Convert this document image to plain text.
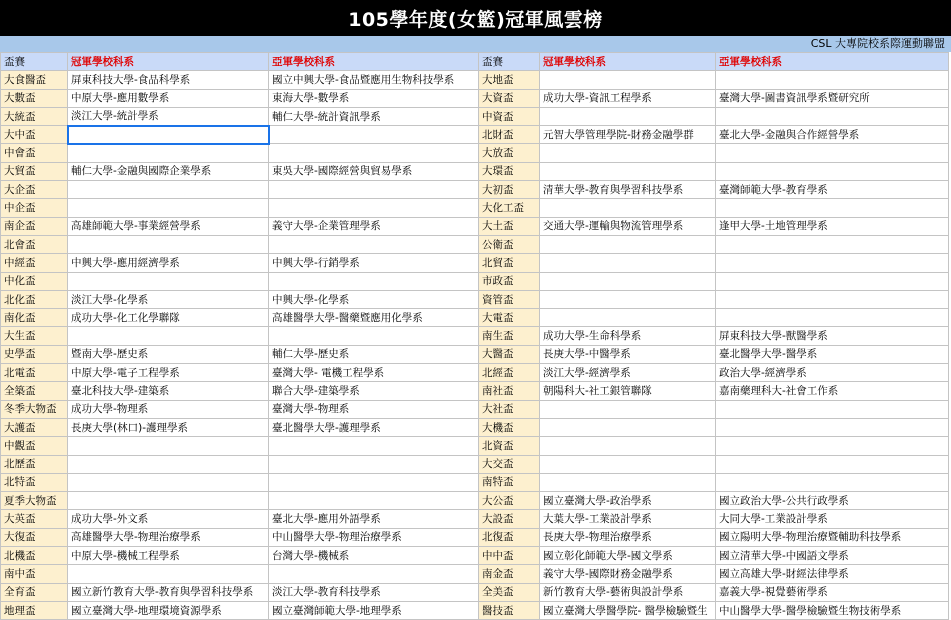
105學年度(女籃)冠軍風雲榜
CSL 大專院校系際運動聯盟
盃賽	冠軍學校科系	亞軍學校科系	盃賽	冠軍學校科系	亞軍學校科系
大食醫盃	屏東科技大學-食品科學系	國立中興大學-食品暨應用生物科技學系	大地盃		
大數盃	中原大學-應用數學系	東海大學-數學系	大資盃	成功大學-資訊工程學系	臺灣大學-圖書資訊學系暨研究所
大統盃	淡江大學-統計學系	輔仁大學-統計資訊學系	中資盃		
大中盃			北財盃	元智大學管理學院-財務金融學群	臺北大學-金融與合作經營學系
中會盃			大放盃		
大貿盃	輔仁大學-金融與國際企業學系	東吳大學-國際經營與貿易學系	大環盃		
大企盃			大初盃	清華大學-教育與學習科技學系	臺灣師範大學-教育學系
中企盃			大化工盃		
南企盃	高雄師範大學-事業經營學系	義守大學-企業管理學系	大土盃	交通大學-運輸與物流管理學系	逢甲大學-土地管理學系
北會盃			公衛盃		
中經盃	中興大學-應用經濟學系	中興大學-行銷學系	北貿盃		
中化盃			市政盃		
北化盃	淡江大學-化學系	中興大學-化學系	資管盃		
南化盃	成功大學-化工化學聯隊	高雄醫學大學-醫藥暨應用化學系	大電盃		
大生盃			南生盃	成功大學-生命科學系	屏東科技大學-獸醫學系
史學盃	暨南大學-歷史系	輔仁大學-歷史系	大醫盃	長庚大學-中醫學系	臺北醫學大學-醫學系
北電盃	中原大學-電子工程學系	臺灣大學- 電機工程學系	北經盃	淡江大學-經濟學系	政治大學-經濟學系
全築盃	臺北科技大學-建築系	聯合大學-建築學系	南社盃	朝陽科大-社工銀管聯隊	嘉南藥理科大-社會工作系
冬季大物盃	成功大學-物理系	臺灣大學-物理系	大社盃		
大護盃	長庚大學(林口)-護理學系	臺北醫學大學-護理學系	大機盃		
中觀盃			北資盃		
北歷盃			大交盃		
北特盃			南特盃		
夏季大物盃			大公盃	國立臺灣大學-政治學系	國立政治大學-公共行政學系
大英盃	成功大學-外文系	臺北大學-應用外語學系	大設盃	大葉大學-工業設計學系	大同大學-工業設計學系
大復盃	高雄醫學大學-物理治療學系	中山醫學大學-物理治療學系	北復盃	長庚大學-物理治療學系	國立陽明大學-物理治療暨輔助科技學系
北機盃	中原大學-機械工程學系	台灣大學-機械系	中中盃	國立彰化師範大學-國文學系	國立清華大學-中國語文學系
南中盃			南金盃	義守大學-國際財務金融學系	國立高雄大學-財經法律學系
全育盃	國立新竹教育大學-教育與學習科技學系	淡江大學-教育科技學系	全美盃	新竹教育大學-藝術與設計學系	嘉義大學-視覺藝術學系
地理盃	國立臺灣大學-地理環境資源學系	國立臺灣師範大學-地理學系	醫技盃	國立臺灣大學醫學院- 醫學檢驗暨生	中山醫學大學-醫學檢驗暨生物技術學系
